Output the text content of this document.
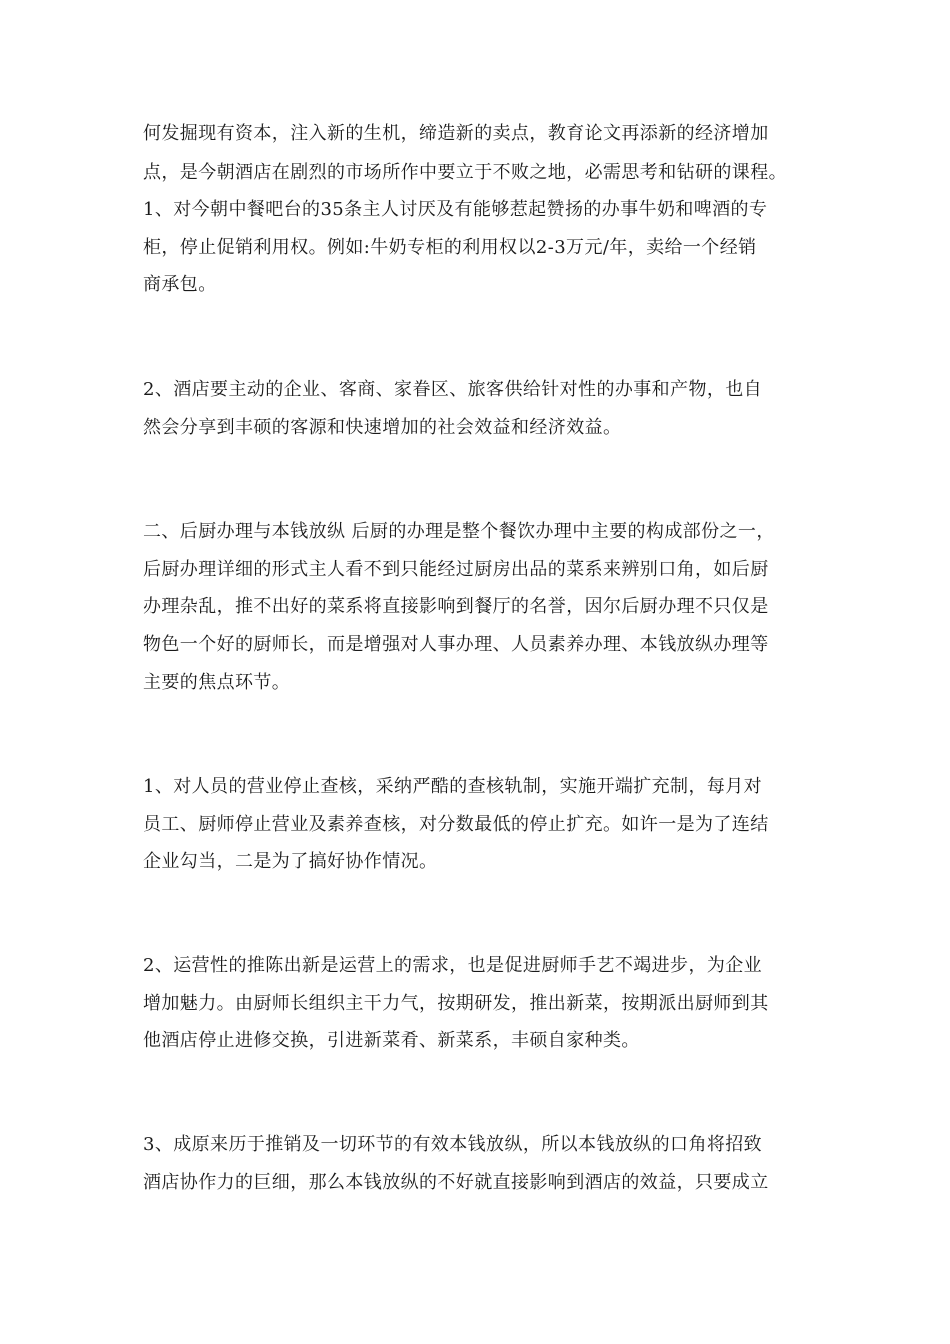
何发掘现有资本，注入新的生机，缔造新的卖点，教育论文再添新的经济增加
点，是今朝酒店在剧烈的市场所作中要立于不败之地，必需思考和钻研的课程。
1、对今朝中餐吧台的35条主人讨厌及有能够惹起赞扬的办事牛奶和啤酒的专
柜，停止促销利用权。例如:牛奶专柜的利用权以2-3万元/年，卖给一个经销
商承包。
2、酒店要主动的企业、客商、家眷区、旅客供给针对性的办事和产物，也自
然会分享到丰硕的客源和快速增加的社会效益和经济效益。
二、后厨办理与本钱放纵 后厨的办理是整个餐饮办理中主要的构成部份之一，
后厨办理详细的形式主人看不到只能经过厨房出品的菜系来辨别口角，如后厨
办理杂乱，推不出好的菜系将直接影响到餐厅的名誉，因尔后厨办理不只仅是
物色一个好的厨师长，而是增强对人事办理、人员素养办理、本钱放纵办理等
主要的焦点环节。
1、对人员的营业停止查核，采纳严酷的查核轨制，实施开端扩充制，每月对
员工、厨师停止营业及素养查核，对分数最低的停止扩充。如许一是为了连结
企业勾当，二是为了搞好协作情况。
2、运营性的推陈出新是运营上的需求，也是促进厨师手艺不竭进步，为企业
增加魅力。由厨师长组织主干力气，按期研发，推出新菜，按期派出厨师到其
他酒店停止进修交换，引进新菜肴、新菜系，丰硕自家种类。
3、成原来历于推销及一切环节的有效本钱放纵，所以本钱放纵的口角将招致
酒店协作力的巨细，那么本钱放纵的不好就直接影响到酒店的效益，只要成立
